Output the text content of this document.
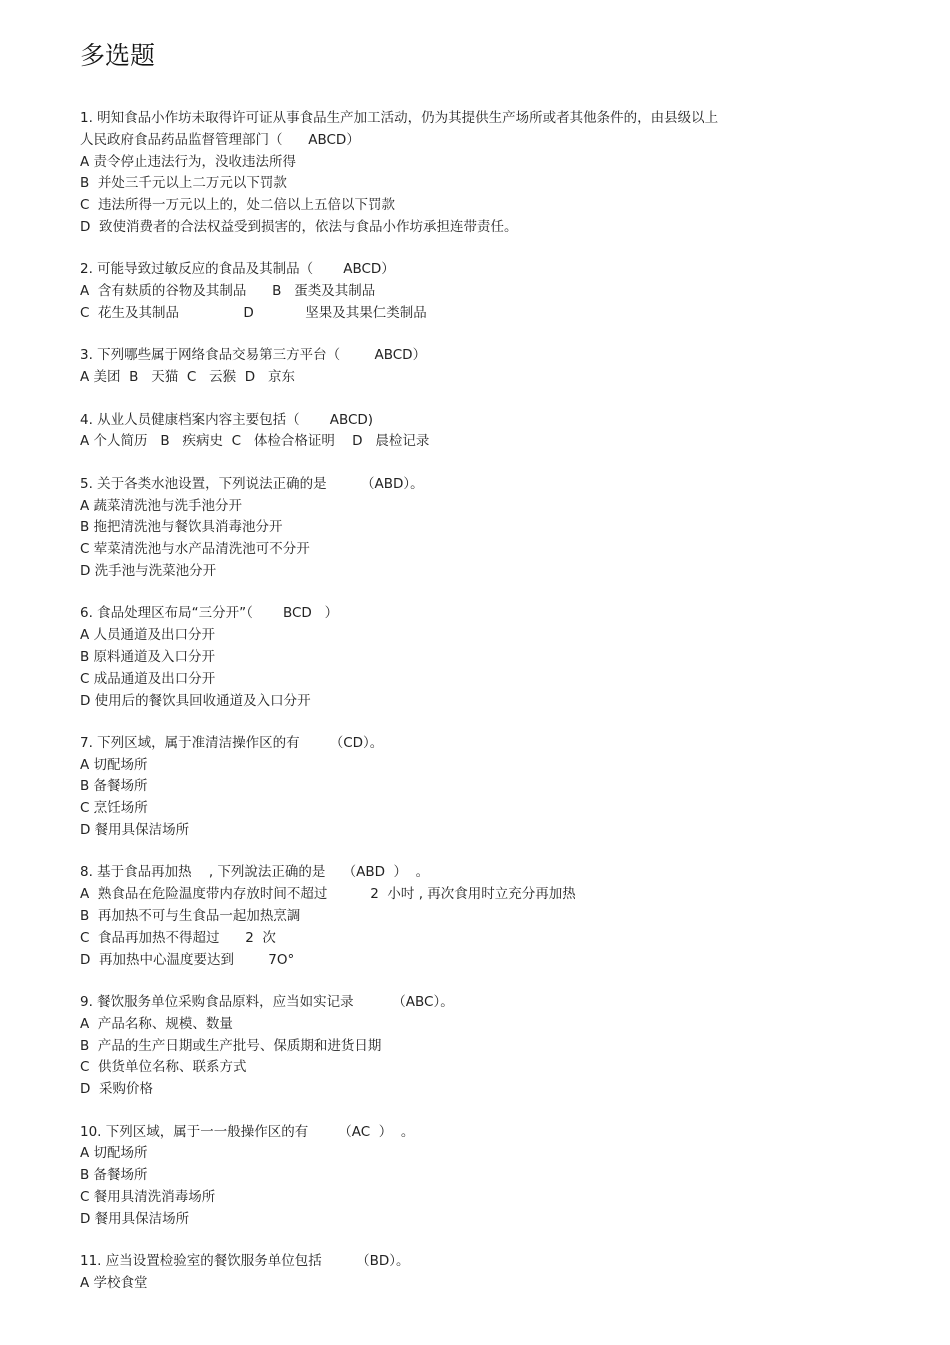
多选题
1. 明知食品小作坊未取得许可证从事食品生产加工活动，仍为其提供生产场所或者其他条件的，由县级以上
人民政府食品药品监督管理部门（      ABCD）
A 责令停止违法行为，没收违法所得
B  并处三千元以上二万元以下罚款
C  违法所得一万元以上的，处二倍以上五倍以下罚款
D  致使消费者的合法权益受到损害的，依法与食品小作坊承担连带责任。
2. 可能导致过敏反应的食品及其制品（       ABCD）
A  含有麸质的谷物及其制品      B   蛋类及其制品
C  花生及其制品               D            坚果及其果仁类制品
3. 下列哪些属于网络食品交易第三方平台（        ABCD）
A 美团  B   天猫  C   云猴  D   京东
4. 从业人员健康档案内容主要包括（       ABCD)
A 个人简历   B   疾病史  C   体检合格证明    D   晨检记录
5. 关于各类水池设置，下列说法正确的是        （ABD）。
A 蔬菜清洗池与洗手池分开
B 拖把清洗池与餐饮具消毒池分开
C 荤菜清洗池与水产品清洗池可不分开
D 洗手池与洗菜池分开
6. 食品处理区布局“三分开”（       BCD   ）
A 人员通道及出口分开
B 原料通道及入口分开
C 成品通道及出口分开
D 使用后的餐饮具回收通道及入口分开
7. 下列区域，属于准清洁操作区的有       （CD）。
A 切配场所
B 备餐场所
C 烹饪场所
D 餐用具保洁场所
8. 基于食品再加热    , 下列說法正确的是    （ABD  ）  。
A  熟食品在危险温度带内存放时间不超过          2  小吋 , 再次食用时立充分再加热
B  再加热不可与生食品一起加热烹調
C  食品再加热不得超过      2  次
D  再加热中心温度要达到        7O°
9. 餐饮服务单位采购食品原料，应当如实记录         （ABC）。
A  产品名称、规模、数量
B  产品的生产日期或生产批号、保质期和进货日期
C  供货单位名称、联系方式
D  采购价格
10. 下列区域，属于一一般操作区的有       （AC  ）  。
A 切配场所
B 备餐场所
C 餐用具清洗消毒场所
D 餐用具保洁场所
11. 应当设置检验室的餐饮服务单位包括        （BD）。
A 学校食堂
